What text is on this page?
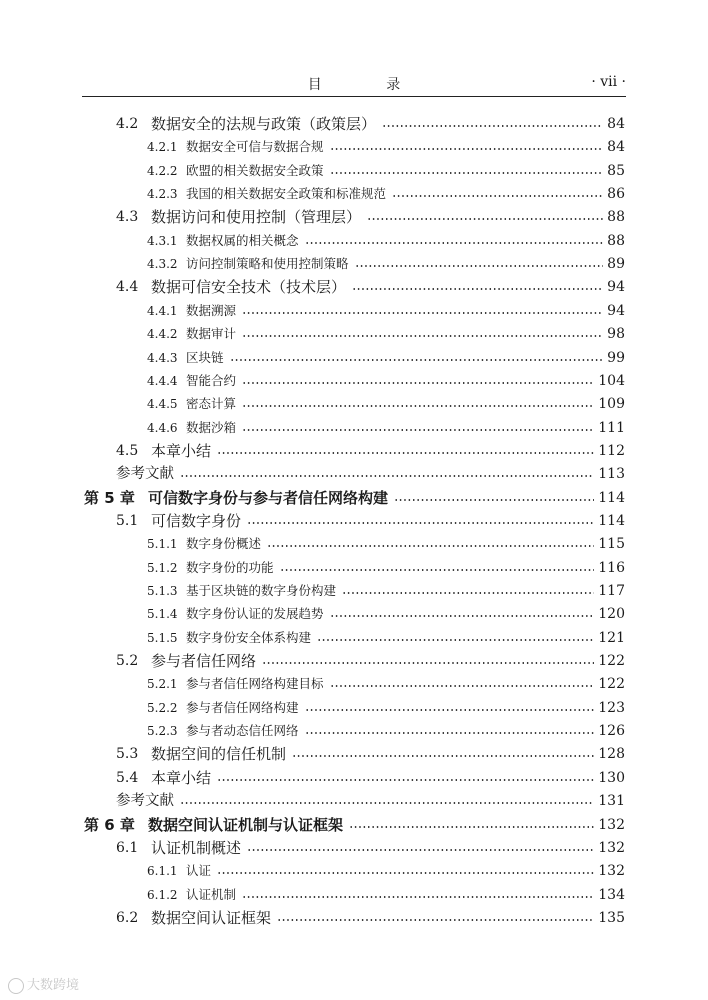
目 录	· vii ·
4.2 数据安全的法规与政策（政策层）	84
4.2.1 数据安全可信与数据合规	84
4.2.2 欧盟的相关数据安全政策	85
4.2.3 我国的相关数据安全政策和标准规范	86
4.3 数据访问和使用控制（管理层）	88
4.3.1 数据权属的相关概念	88
4.3.2 访问控制策略和使用控制策略	89
4.4 数据可信安全技术（技术层）	94
4.4.1 数据溯源	94
4.4.2 数据审计	98
4.4.3 区块链	99
4.4.4 智能合约	104
4.4.5 密态计算	109
4.4.6 数据沙箱	111
4.5 本章小结	112
参考文献	113
第 5 章 可信数字身份与参与者信任网络构建	114
5.1 可信数字身份	114
5.1.1 数字身份概述	115
5.1.2 数字身份的功能	116
5.1.3 基于区块链的数字身份构建	117
5.1.4 数字身份认证的发展趋势	120
5.1.5 数字身份安全体系构建	121
5.2 参与者信任网络	122
5.2.1 参与者信任网络构建目标	122
5.2.2 参与者信任网络构建	123
5.2.3 参与者动态信任网络	126
5.3 数据空间的信任机制	128
5.4 本章小结	130
参考文献	131
第 6 章 数据空间认证机制与认证框架	132
6.1 认证机制概述	132
6.1.1 认证	132
6.1.2 认证机制	134
6.2 数据空间认证框架	135
大数跨境
